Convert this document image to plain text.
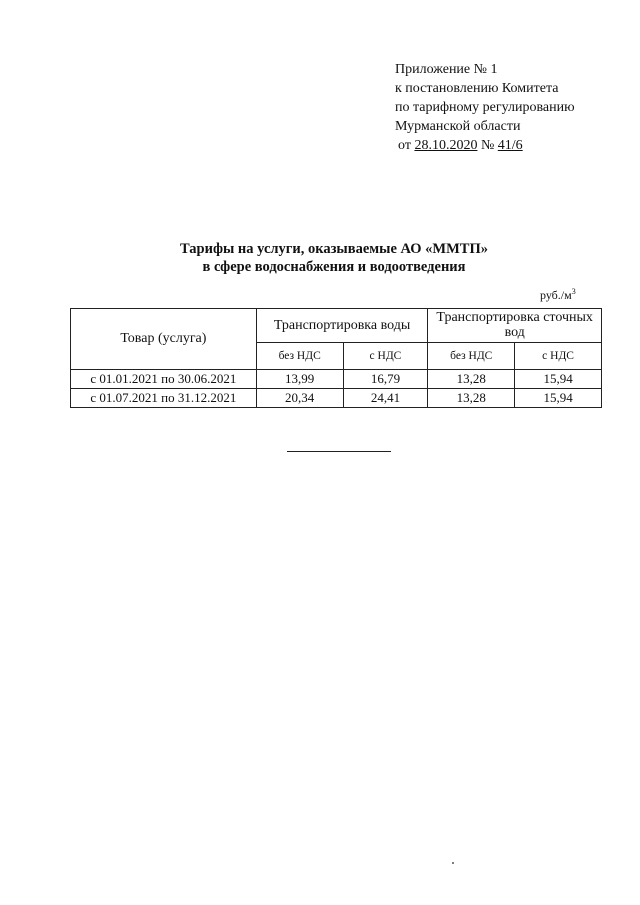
Приложение № 1
к постановлению Комитета
по тарифному регулированию
Мурманской области
от 28.10.2020 № 41/6
Тарифы на услуги, оказываемые АО «ММТП»
в сфере водоснабжения и водоотведения
$руб./м^3$
Товар (услуга)	Транспортировка воды		Транспортировка сточных вод	
	без НДС	с НДС	без НДС	с НДС
с 01.01.2021 по 30.06.2021	13,99	16,79	13,28	15,94
с 01.07.2021 по 31.12.2021	20,34	24,41	13,28	15,94
